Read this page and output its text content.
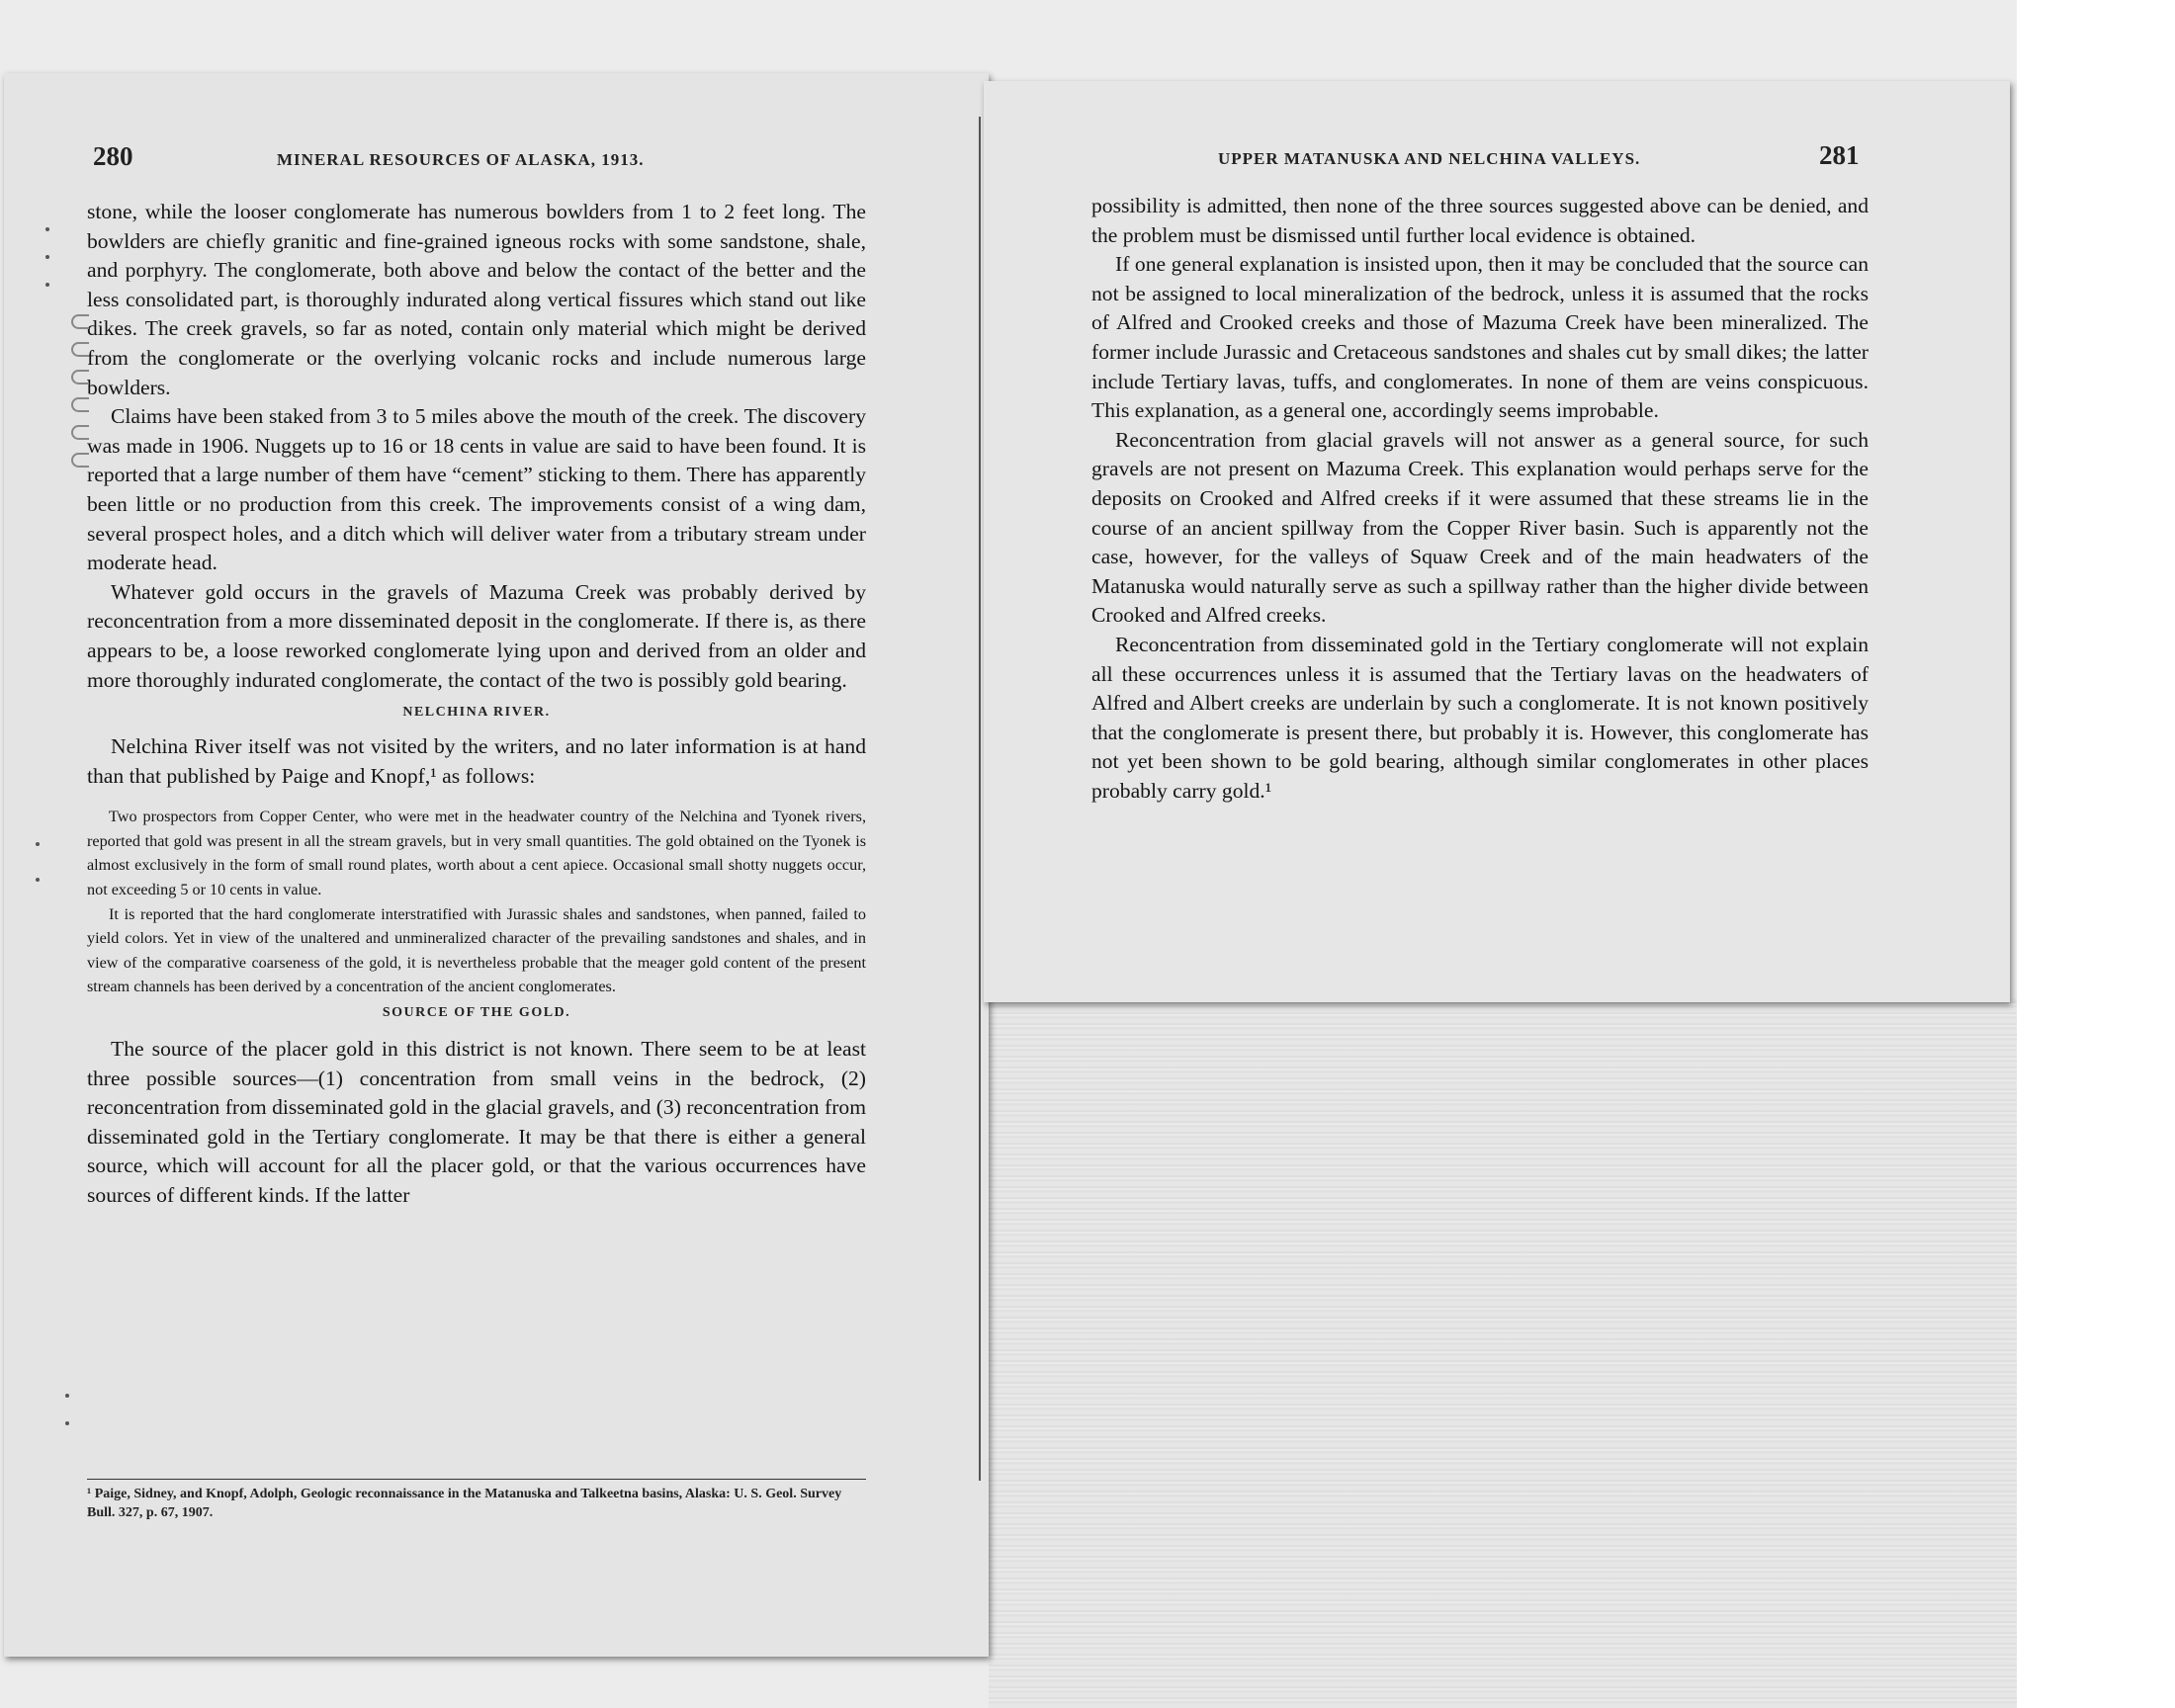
280	MINERAL RESOURCES OF ALASKA, 1913.

stone, while the looser conglomerate has numerous bowlders from 1 to 2 feet long. The bowlders are chiefly granitic and fine-grained igneous rocks with some sandstone, shale, and porphyry. The conglomerate, both above and below the contact of the better and the less consolidated part, is thoroughly indurated along vertical fissures which stand out like dikes. The creek gravels, so far as noted, contain only material which might be derived from the conglomerate or the overlying volcanic rocks and include numerous large bowlders.

Claims have been staked from 3 to 5 miles above the mouth of the creek. The discovery was made in 1906. Nuggets up to 16 or 18 cents in value are said to have been found. It is reported that a large number of them have “cement” sticking to them. There has apparently been little or no production from this creek. The improvements consist of a wing dam, several prospect holes, and a ditch which will deliver water from a tributary stream under moderate head.

Whatever gold occurs in the gravels of Mazuma Creek was probably derived by reconcentration from a more disseminated deposit in the conglomerate. If there is, as there appears to be, a loose reworked conglomerate lying upon and derived from an older and more thoroughly indurated conglomerate, the contact of the two is possibly gold bearing.

NELCHINA RIVER.

Nelchina River itself was not visited by the writers, and no later information is at hand than that published by Paige and Knopf,¹ as follows:

Two prospectors from Copper Center, who were met in the headwater country of the Nelchina and Tyonek rivers, reported that gold was present in all the stream gravels, but in very small quantities. The gold obtained on the Tyonek is almost exclusively in the form of small round plates, worth about a cent apiece. Occasional small shotty nuggets occur, not exceeding 5 or 10 cents in value.

It is reported that the hard conglomerate interstratified with Jurassic shales and sandstones, when panned, failed to yield colors. Yet in view of the unaltered and unmineralized character of the prevailing sandstones and shales, and in view of the comparative coarseness of the gold, it is nevertheless probable that the meager gold content of the present stream channels has been derived by a concentration of the ancient conglomerates.

SOURCE OF THE GOLD.

The source of the placer gold in this district is not known. There seem to be at least three possible sources—(1) concentration from small veins in the bedrock, (2) reconcentration from disseminated gold in the glacial gravels, and (3) reconcentration from disseminated gold in the Tertiary conglomerate. It may be that there is either a general source, which will account for all the placer gold, or that the various occurrences have sources of different kinds. If the latter

¹ Paige, Sidney, and Knopf, Adolph, Geologic reconnaissance in the Matanuska and Talkeetna basins, Alaska: U. S. Geol. Survey Bull. 327, p. 67, 1907.
UPPER MATANUSKA AND NELCHINA VALLEYS.	281

possibility is admitted, then none of the three sources suggested above can be denied, and the problem must be dismissed until further local evidence is obtained.

If one general explanation is insisted upon, then it may be concluded that the source can not be assigned to local mineralization of the bedrock, unless it is assumed that the rocks of Alfred and Crooked creeks and those of Mazuma Creek have been mineralized. The former include Jurassic and Cretaceous sandstones and shales cut by small dikes; the latter include Tertiary lavas, tuffs, and conglomerates. In none of them are veins conspicuous. This explanation, as a general one, accordingly seems improbable.

Reconcentration from glacial gravels will not answer as a general source, for such gravels are not present on Mazuma Creek. This explanation would perhaps serve for the deposits on Crooked and Alfred creeks if it were assumed that these streams lie in the course of an ancient spillway from the Copper River basin. Such is apparently not the case, however, for the valleys of Squaw Creek and of the main headwaters of the Matanuska would naturally serve as such a spillway rather than the higher divide between Crooked and Alfred creeks.

Reconcentration from disseminated gold in the Tertiary conglomerate will not explain all these occurrences unless it is assumed that the Tertiary lavas on the headwaters of Alfred and Albert creeks are underlain by such a conglomerate. It is not known positively that the conglomerate is present there, but probably it is. However, this conglomerate has not yet been shown to be gold bearing, although similar conglomerates in other places probably carry gold.¹
